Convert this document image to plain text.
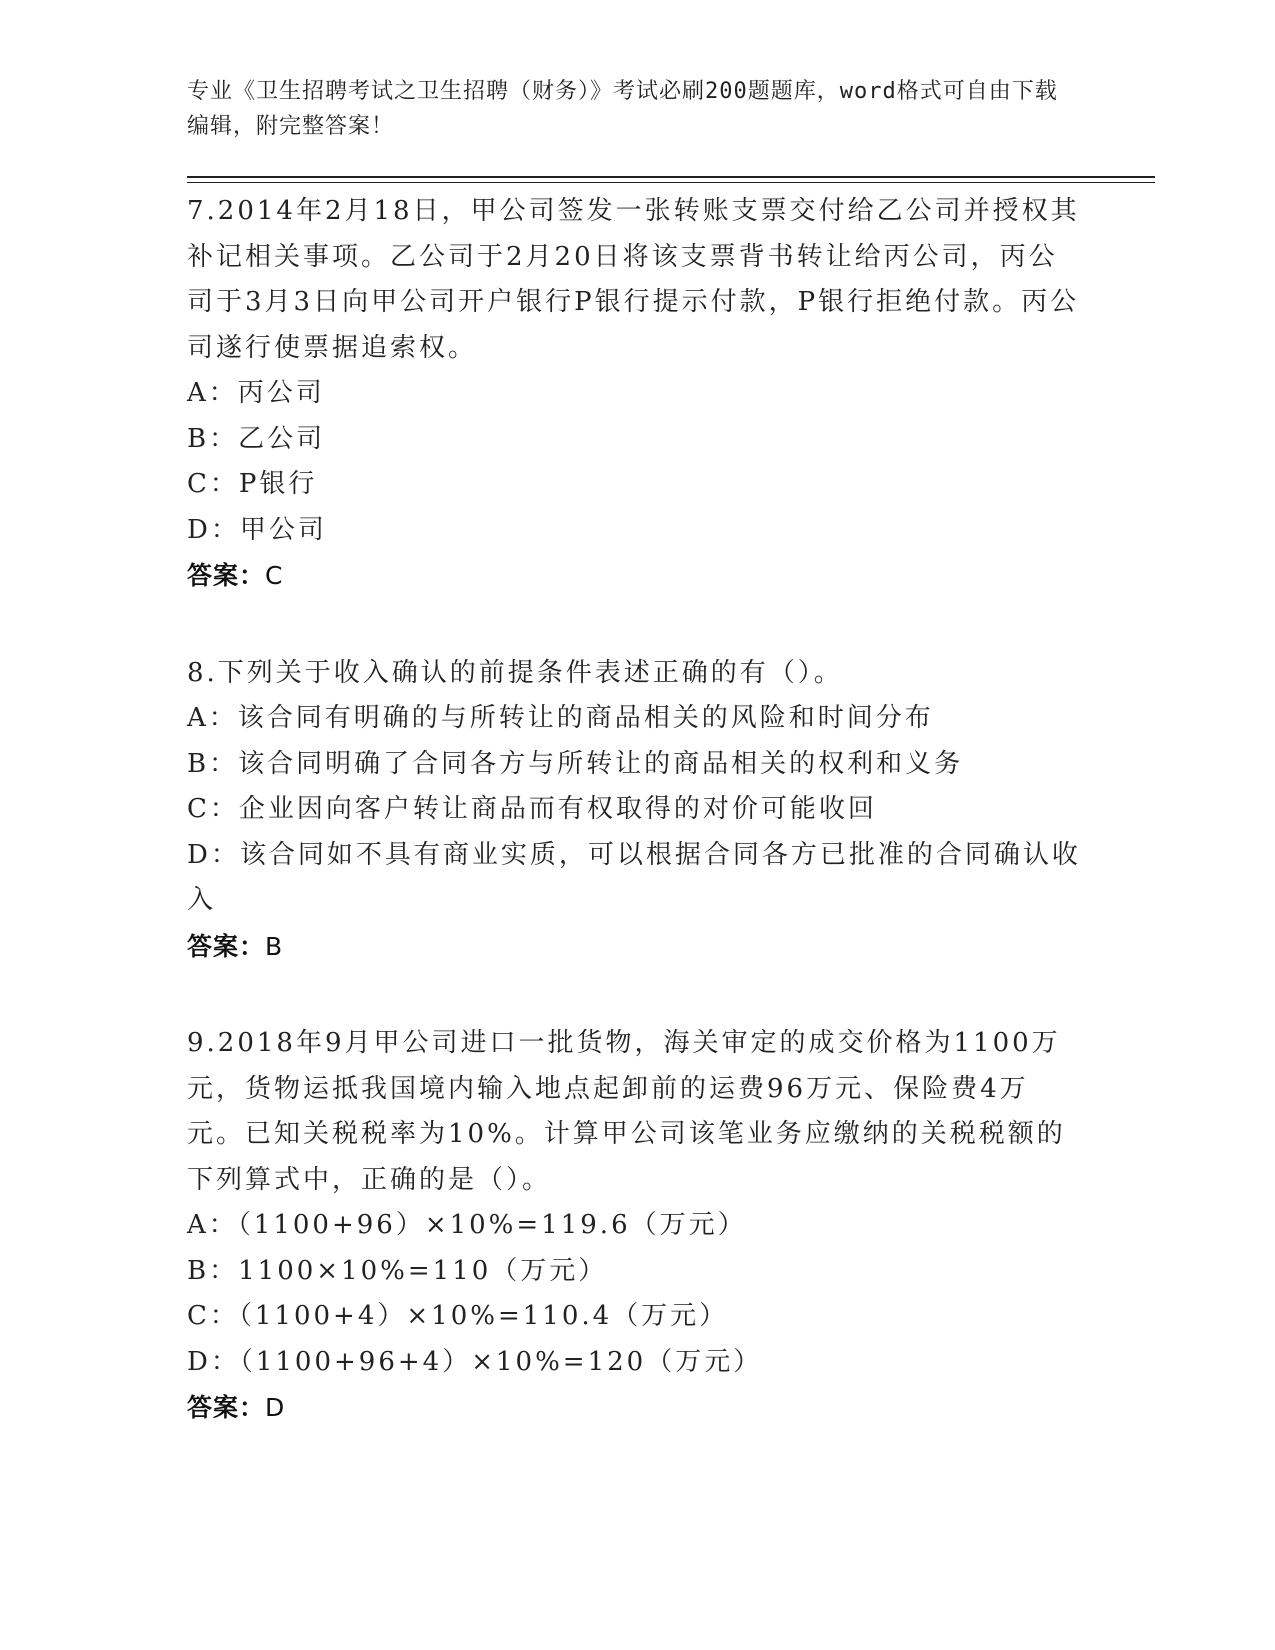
专业《卫生招聘考试之卫生招聘（财务）》考试必刷200题题库，word格式可自由下载编辑，附完整答案！
7.2014年2月18日，甲公司签发一张转账支票交付给乙公司并授权其补记相关事项。乙公司于2月20日将该支票背书转让给丙公司，丙公司于3月3日向甲公司开户银行P银行提示付款，P银行拒绝付款。丙公司遂行使票据追索权。
A：丙公司
B：乙公司
C：P银行
D：甲公司
答案：C
8.下列关于收入确认的前提条件表述正确的有（）。
A：该合同有明确的与所转让的商品相关的风险和时间分布
B：该合同明确了合同各方与所转让的商品相关的权利和义务
C：企业因向客户转让商品而有权取得的对价可能收回
D：该合同如不具有商业实质，可以根据合同各方已批准的合同确认收入
答案：B
9.2018年9月甲公司进口一批货物，海关审定的成交价格为1100万元，货物运抵我国境内输入地点起卸前的运费96万元、保险费4万元。已知关税税率为10%。计算甲公司该笔业务应缴纳的关税税额的下列算式中，正确的是（）。
A：（1100+96）×10%=119.6（万元）
B：1100×10%=110（万元）
C：（1100+4）×10%=110.4（万元）
D：（1100+96+4）×10%=120（万元）
答案：D
